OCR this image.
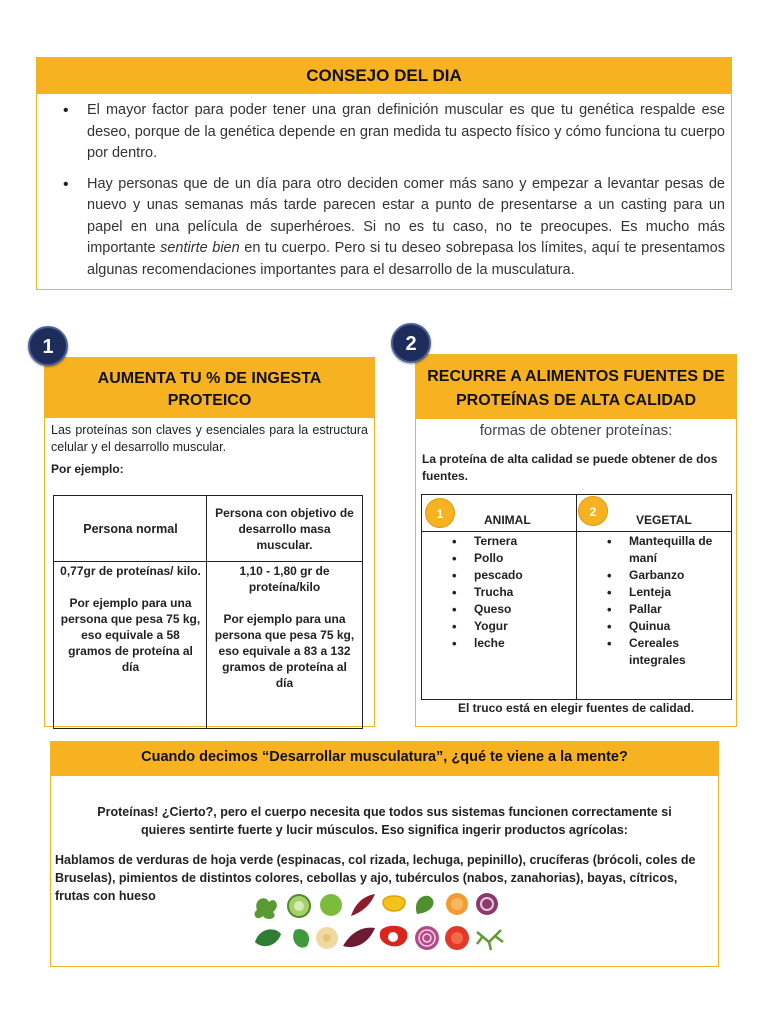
CONSEJO DEL DIA
• El mayor factor para poder tener una gran definición muscular es que tu genética respalde ese deseo, porque de la genética depende en gran medida tu aspecto físico y cómo funciona tu cuerpo por dentro.
• Hay personas que de un día para otro deciden comer más sano y empezar a levantar pesas de nuevo y unas semanas más tarde parecen estar a punto de presentarse a un casting para un papel en una película de superhéroes. Si no es tu caso, no te preocupes. Es mucho más importante sentirte bien en tu cuerpo. Pero si tu deseo sobrepasa los límites, aquí te presentamos algunas recomendaciones importantes para el desarrollo de la musculatura.
AUMENTA TU % DE INGESTA PROTEICO

Las proteínas son claves y esenciales para la estructura celular y el desarrollo muscular.

Por ejemplo:

Persona normal
Persona con objetivo de desarrollo masa muscular.
0,77gr de proteínas/ kilo.
Por ejemplo para una persona que pesa 75 kg, eso equivale a 58 gramos de proteína al día
1,10 - 1,80 gr de proteína/kilo
Por ejemplo para una persona que pesa 75 kg, eso equivale a 83 a 132 gramos de proteína al día
1
RECURRE A ALIMENTOS FUENTES DE PROTEÍNAS DE ALTA CALIDAD
formas de obtener proteínas:

La proteína de alta calidad se puede obtener de dos fuentes.

1	2
ANIMAL	VEGETAL
• Ternera
• Pollo
• pescado
• Trucha
• Queso
• Yogur
• leche
• Mantequilla de maní
• Garbanzo
• Lenteja
• Pallar
• Quinua
• Cereales integrales
El truco está en elegir fuentes de calidad.
2
Cuando decimos “Desarrollar musculatura”, ¿qué te viene a la mente?

Proteínas! ¿Cierto?, pero el cuerpo necesita que todos sus sistemas funcionen correctamente si quieres sentirte fuerte y lucir músculos. Eso significa ingerir productos agrícolas:

Hablamos de verduras de hoja verde (espinacas, col rizada, lechuga, pepinillo), crucíferas (brócoli, coles de Bruselas), pimientos de distintos colores, cebollas y ajo, tubérculos (nabos, zanahorias), bayas, cítricos, frutas con hueso
